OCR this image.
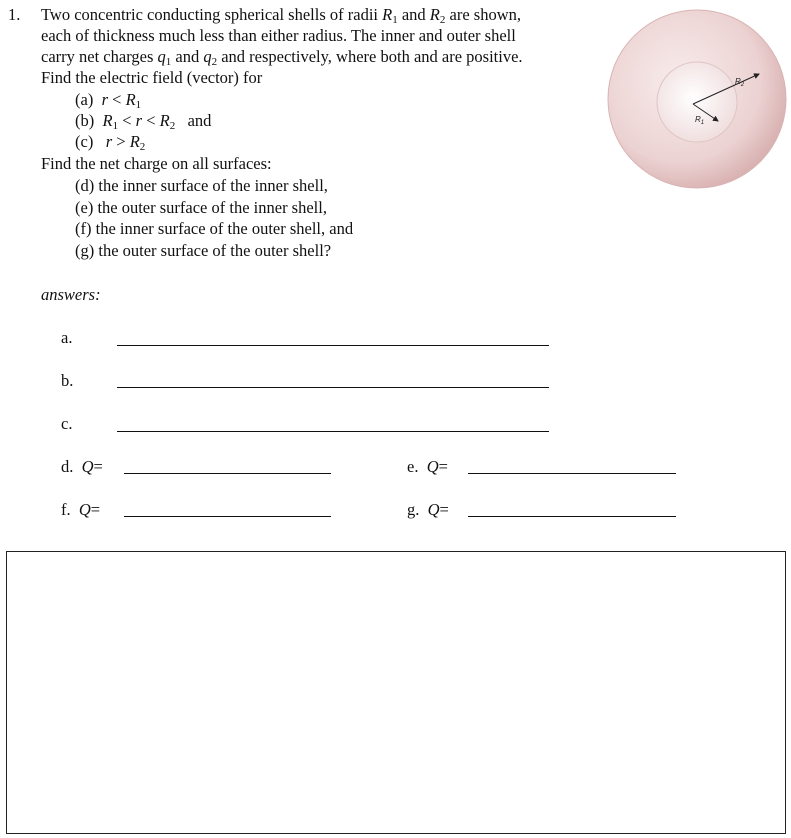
1. Two concentric conducting spherical shells of radii $R_1$ and $R_2$ are shown,
each of thickness much less than either radius. The inner and outer shell
carry net charges $q_1$ and $q_2$ and respectively, where both and are positive.
Find the electric field (vector) for
(a) $r < R_1$
(b) $R_1 < r < R_2$ and
(c) $r > R_2$
Find the net charge on all surfaces:
(d) the inner surface of the inner shell,
(e) the outer surface of the inner shell,
(f) the inner surface of the outer shell, and
(g) the outer surface of the outer shell?
$R_2$
$R_1$
answers:
a.
b.
c.
d. Q=	e. Q=
f. Q=	g. Q=
